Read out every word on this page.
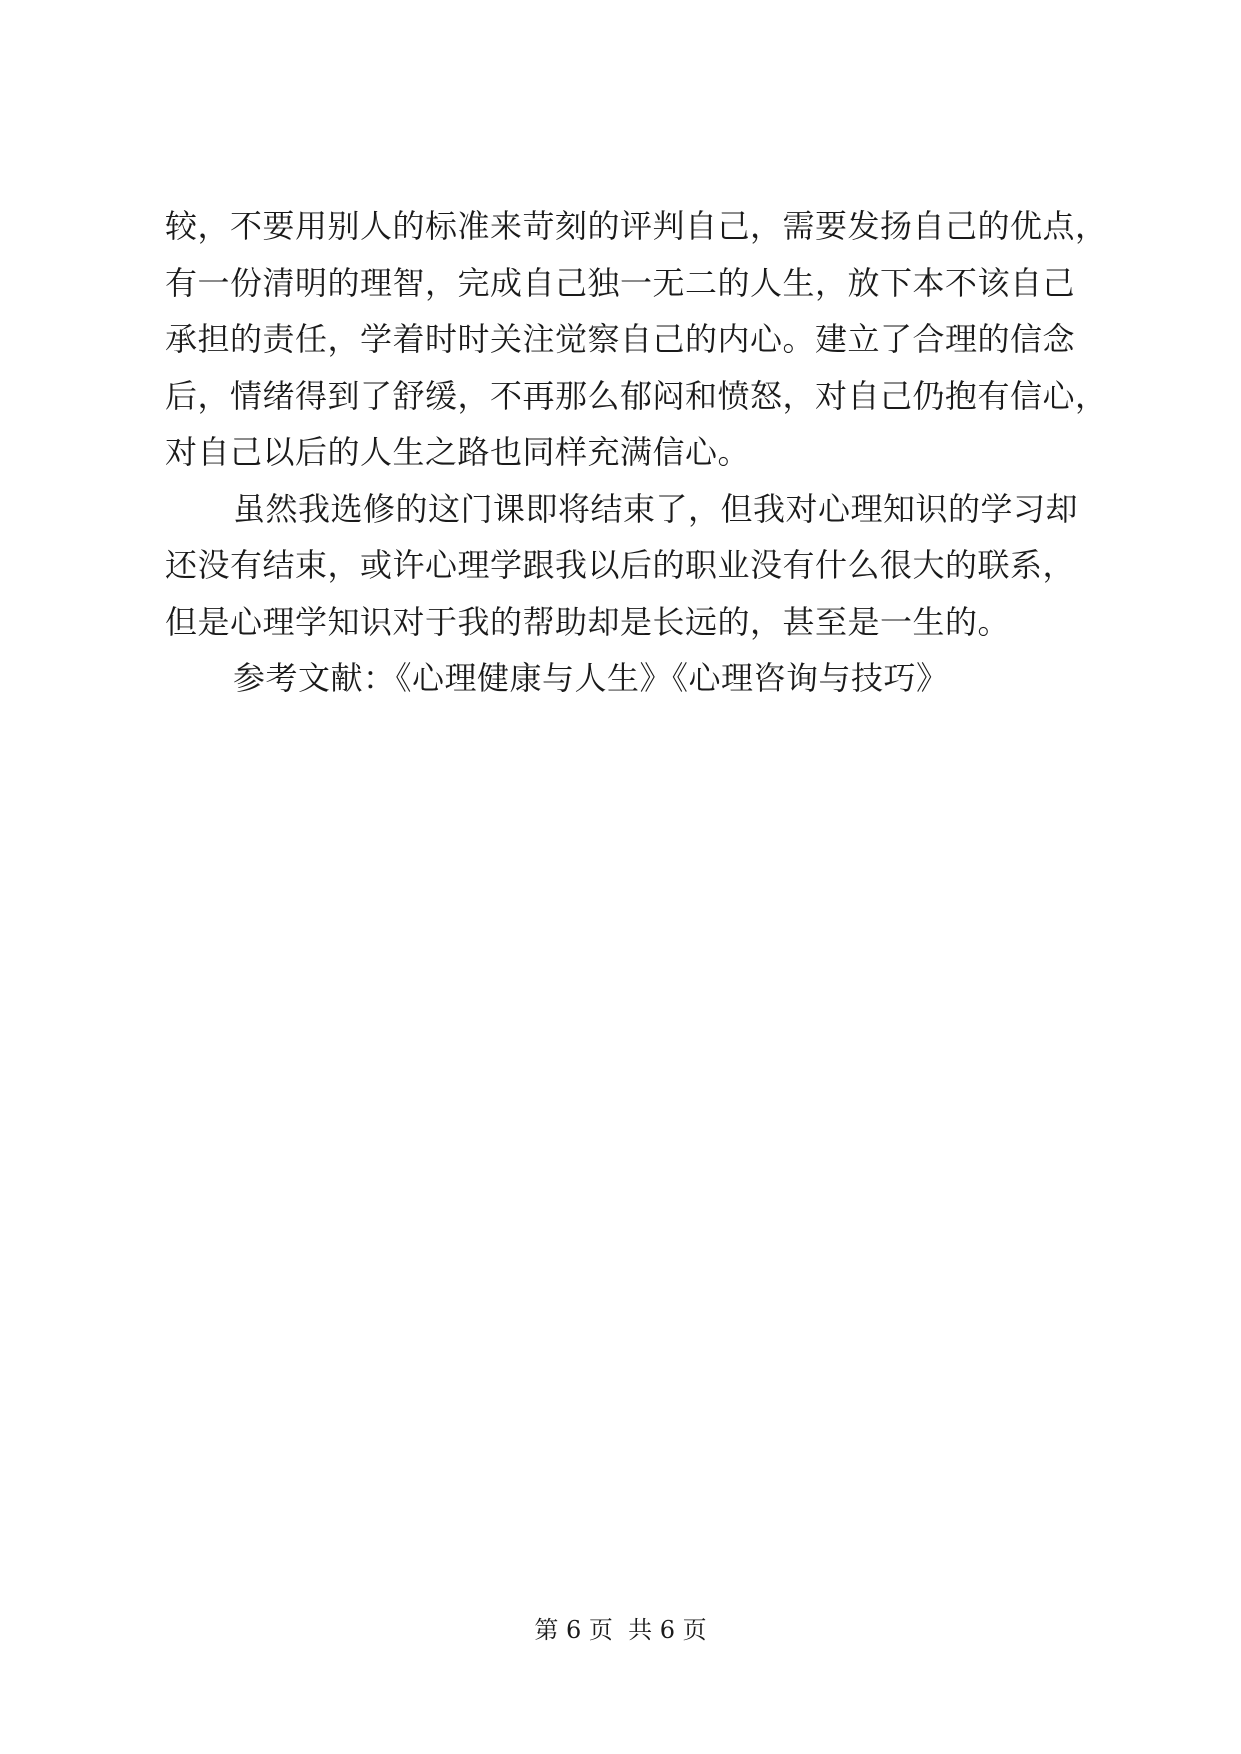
较，不要用别人的标准来苛刻的评判自己，需要发扬自己的优点，
有一份清明的理智，完成自己独一无二的人生，放下本不该自己
承担的责任，学着时时关注觉察自己的内心。建立了合理的信念
后，情绪得到了舒缓，不再那么郁闷和愤怒，对自己仍抱有信心，
对自己以后的人生之路也同样充满信心。
虽然我选修的这门课即将结束了，但我对心理知识的学习却
还没有结束，或许心理学跟我以后的职业没有什么很大的联系，
但是心理学知识对于我的帮助却是长远的，甚至是一生的。
参考文献：《心理健康与人生》《心理咨询与技巧》
第 6 页  共 6 页
